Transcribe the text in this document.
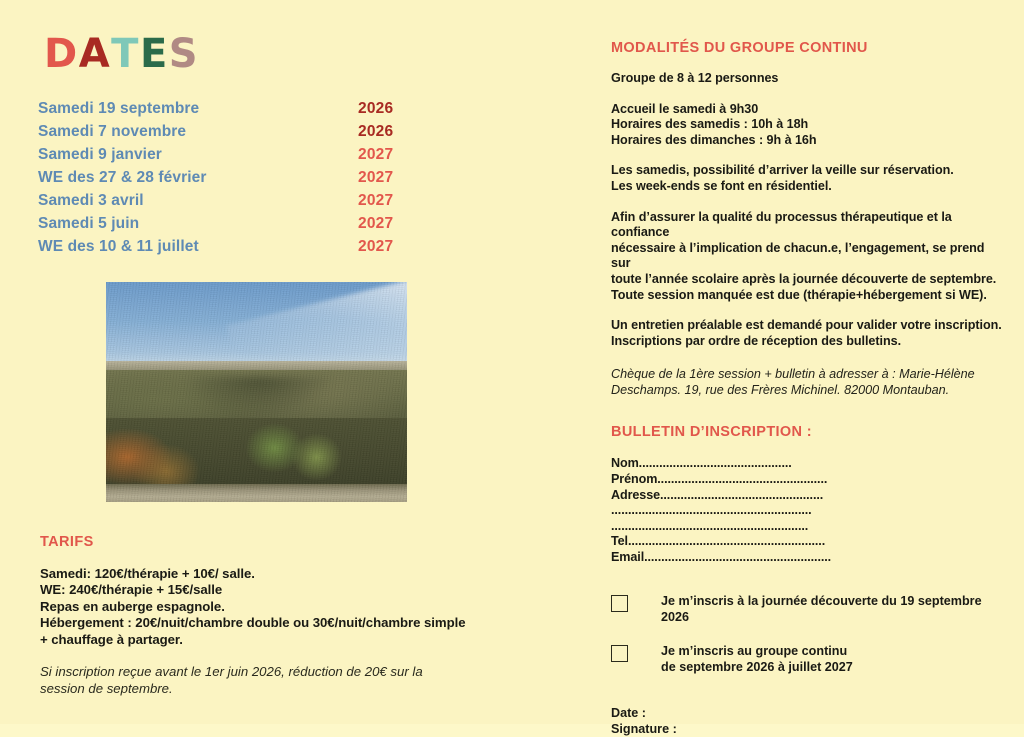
DATES
Samedi 19 septembre	2026
Samedi 7 novembre	2026
Samedi 9 janvier	2027
WE des 27 & 28 février	2027
Samedi 3 avril	2027
Samedi 5 juin	2027
WE des 10 & 11 juillet	2027
TARIFS
Samedi: 120€/thérapie + 10€/ salle.
WE: 240€/thérapie + 15€/salle
Repas en auberge espagnole.
Hébergement : 20€/nuit/chambre double ou 30€/nuit/chambre simple
+ chauffage à partager.
Si inscription reçue avant le 1er juin 2026, réduction de 20€ sur la
session de septembre.
MODALITÉS DU GROUPE CONTINU
Groupe de 8 à 12 personnes
Accueil le samedi à 9h30
Horaires des samedis : 10h à 18h
Horaires des dimanches : 9h à 16h
Les samedis, possibilité d’arriver la veille sur réservation.
Les week-ends se font en résidentiel.
Afin d’assurer la qualité du processus thérapeutique et la confiance
nécessaire à l’implication de chacun.e, l’engagement, se prend sur
toute l’année scolaire après la journée découverte de septembre.
Toute session manquée est due (thérapie+hébergement si WE).
Un entretien préalable est demandé pour valider votre inscription.
Inscriptions par ordre de réception des bulletins.
Chèque de la 1ère session + bulletin à adresser à : Marie-Hélène
Deschamps. 19, rue des Frères Michinel. 82000 Montauban.
BULLETIN D’INSCRIPTION :
Nom.............................................
Prénom..................................................
Adresse................................................
...........................................................
..........................................................
Tel..........................................................
Email.......................................................
Je m’inscris à la journée découverte du 19 septembre 2026
Je m’inscris au groupe continu
de septembre 2026 à juillet 2027
Date :
Signature :
